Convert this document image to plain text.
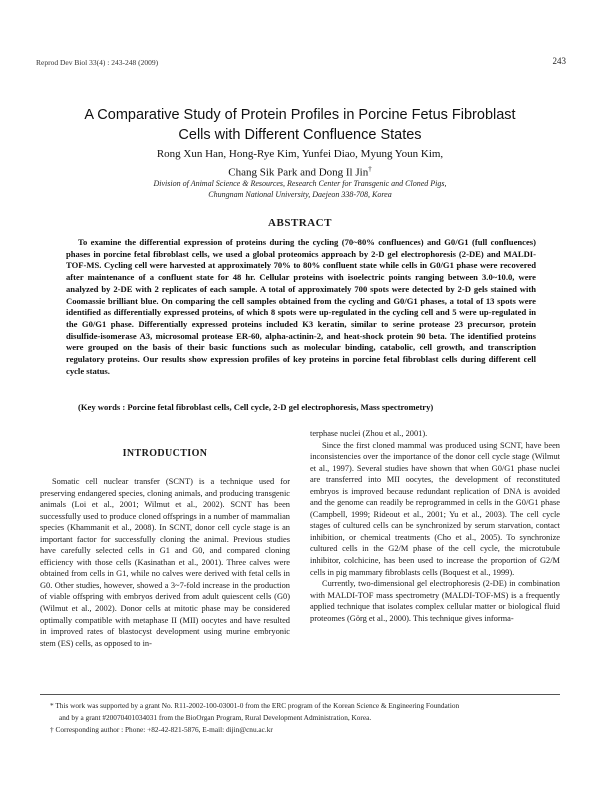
Reprod Dev Biol 33(4) : 243-248 (2009)	243
A Comparative Study of Protein Profiles in Porcine Fetus Fibroblast
Cells with Different Confluence States
Rong Xun Han, Hong-Rye Kim, Yunfei Diao, Myung Youn Kim,
Chang Sik Park and Dong Il Jin†
Division of Animal Science & Resources, Research Center for Transgenic and Cloned Pigs,
Chungnam National University, Daejeon 338-708, Korea
ABSTRACT

To examine the differential expression of proteins during the cycling (70~80% confluences) and G0/G1 (full confluences) phases in porcine fetal fibroblast cells, we used a global proteomics approach by 2-D gel electrophoresis (2-DE) and MALDI-TOF-MS. Cycling cell were harvested at approximately 70% to 80% confluent state while cells in G0/G1 phase were recovered after maintenance of a confluent state for 48 hr. Cellular proteins with isoelectric points ranging between 3.0~10.0, were analyzed by 2-DE with 2 replicates of each sample. A total of approximately 700 spots were detected by 2-D gels stained with Coomassie brilliant blue. On comparing the cell samples obtained from the cycling and G0/G1 phases, a total of 13 spots were identified as differentially expressed proteins, of which 8 spots were up-regulated in the cycling cell and 5 were up-regulated in the G0/G1 phase. Differentially expressed proteins included K3 keratin, similar to serine protease 23 precursor, protein disulfide-isomerase A3, microsomal protease ER-60, alpha-actinin-2, and heat-shock protein 90 beta. The identified proteins were grouped on the basis of their basic functions such as molecular binding, catabolic, cell growth, and transcription regulatory proteins. Our results show expression profiles of key proteins in porcine fetal fibroblast cells during different cell cycle status.

(Key words : Porcine fetal fibroblast cells, Cell cycle, 2-D gel electrophoresis, Mass spectrometry)

INTRODUCTION

Somatic cell nuclear transfer (SCNT) is a technique used for preserving endangered species, cloning animals, and producing transgenic animals (Loi et al., 2001; Wilmut et al., 2002). SCNT has been successfully used to produce cloned offsprings in a number of mammalian species (Khammanit et al., 2008). In SCNT, donor cell cycle stage is an important factor for successfully cloning the animal. Previous studies have carefully selected cells in G1 and G0, and compared cloning efficiency with those cells (Kasinathan et al., 2001). Three calves were obtained from cells in G1, while no calves were derived with fetal cells in G0. Other studies, however, showed a 3~7-fold increase in the production of viable offspring with embryos derived from adult quiescent cells (G0) (Wilmut et al., 2002). Donor cells at mitotic phase may be considered optimally compatible with metaphase II (MII) oocytes and have resulted in improved rates of blastocyst development using murine embryonic stem (ES) cells, as opposed to in-

terphase nuclei (Zhou et al., 2001).

Since the first cloned mammal was produced using SCNT, have been inconsistencies over the importance of the donor cell cycle stage (Wilmut et al., 1997). Several studies have shown that when G0/G1 phase nuclei are transferred into MII oocytes, the development of reconstituted embryos is improved because redundant replication of DNA is avoided and the genome can readily be reprogrammed in cells in the G0/G1 phase (Campbell, 1999; Rideout et al., 2001; Yu et al., 2003). The cell cycle stages of cultured cells can be synchronized by serum starvation, contact inhibition, or chemical treatments (Cho et al., 2005). To synchronize cultured cells in the G2/M phase of the cell cycle, the microtubule inhibitor, colchicine, has been used to increase the proportion of G2/M cells in pig mammary fibroblasts cells (Boquest et al., 1999).

Currently, two-dimensional gel electrophoresis (2-DE) in combination with MALDI-TOF mass spectrometry (MALDI-TOF-MS) is a frequently applied technique that isolates complex cellular matter or biological fluid proteomes (Görg et al., 2000). This technique gives informa-

* This work was supported by a grant No. R11-2002-100-03001-0 from the ERC program of the Korean Science & Engineering Foundation

and by a grant #20070401034031 from the BioOrgan Program, Rural Development Administration, Korea.

† Corresponding author : Phone: +82-42-821-5876, E-mail: dijin@cnu.ac.kr
